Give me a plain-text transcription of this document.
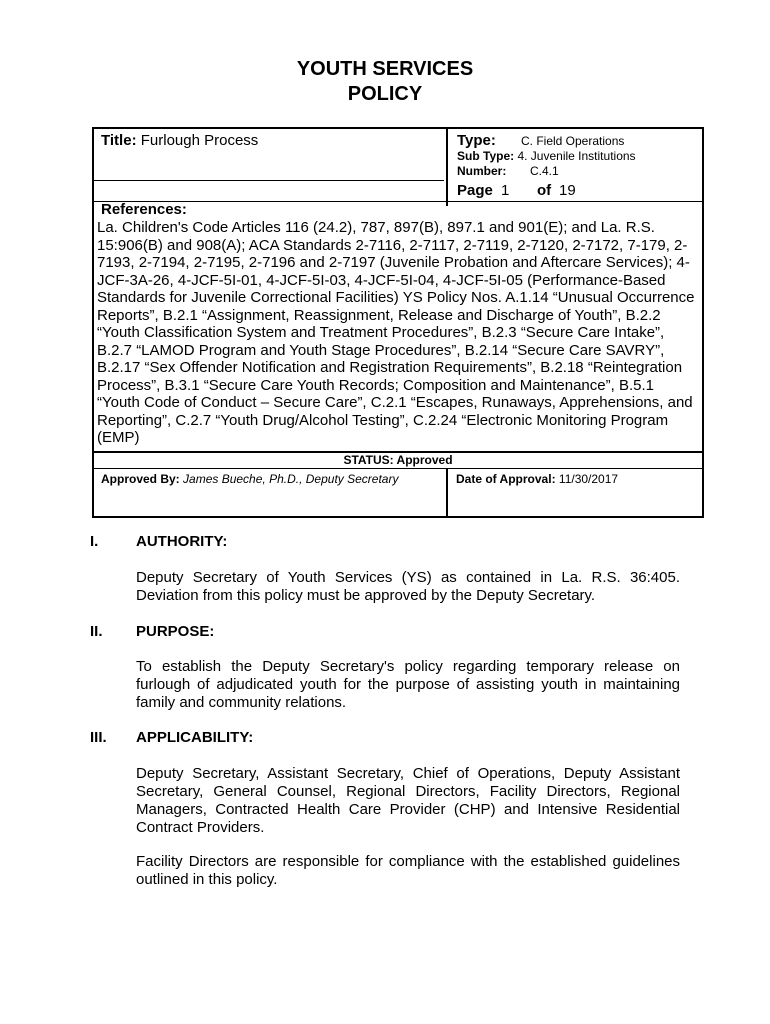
YOUTH SERVICES
POLICY
Title: Furlough Process	Type: C. Field Operations
Sub Type: 4. Juvenile Institutions
Number: C.4.1
Page 1 of 19
References:
La. Children's Code Articles 116 (24.2), 787, 897(B), 897.1 and 901(E); and La. R.S.
15:906(B) and 908(A); ACA Standards 2-7116, 2-7117, 2-7119, 2-7120, 2-7172, 7-179, 2-
7193, 2-7194, 2-7195, 2-7196 and 2-7197 (Juvenile Probation and Aftercare Services); 4-
JCF-3A-26, 4-JCF-5I-01, 4-JCF-5I-03, 4-JCF-5I-04, 4-JCF-5I-05 (Performance-Based
Standards for Juvenile Correctional Facilities) YS Policy Nos. A.1.14 “Unusual Occurrence
Reports”, B.2.1 “Assignment, Reassignment, Release and Discharge of Youth”, B.2.2
“Youth Classification System and Treatment Procedures”, B.2.3 “Secure Care Intake”,
B.2.7 “LAMOD Program and Youth Stage Procedures”, B.2.14 “Secure Care SAVRY”,
B.2.17 “Sex Offender Notification and Registration Requirements”, B.2.18 “Reintegration
Process”, B.3.1 “Secure Care Youth Records; Composition and Maintenance”, B.5.1
“Youth Code of Conduct – Secure Care”, C.2.1 “Escapes, Runaways, Apprehensions, and
Reporting”, C.2.7 “Youth Drug/Alcohol Testing”, C.2.24 “Electronic Monitoring Program
(EMP)
STATUS: Approved
Approved By: James Bueche, Ph.D., Deputy Secretary	Date of Approval: 11/30/2017
I.	AUTHORITY:
Deputy Secretary of Youth Services (YS) as contained in La. R.S. 36:405.
Deviation from this policy must be approved by the Deputy Secretary.
II. PURPOSE:
To establish the Deputy Secretary's policy regarding temporary release on
furlough of adjudicated youth for the purpose of assisting youth in maintaining
family and community relations.
III. APPLICABILITY:
Deputy Secretary, Assistant Secretary, Chief of Operations, Deputy Assistant
Secretary, General Counsel, Regional Directors, Facility Directors, Regional
Managers, Contracted Health Care Provider (CHP) and Intensive Residential
Contract Providers.
Facility Directors are responsible for compliance with the established guidelines
outlined in this policy.
